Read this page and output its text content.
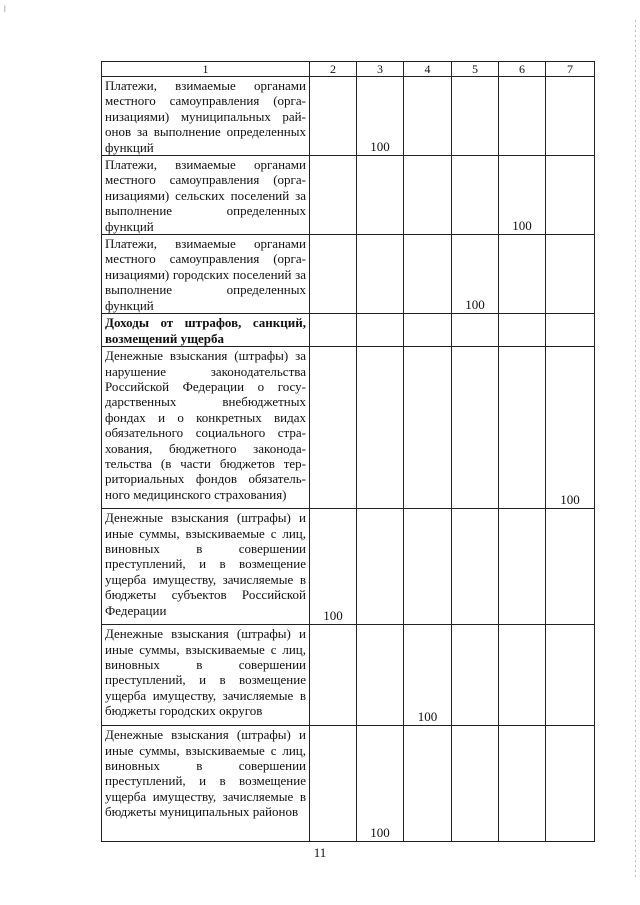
ǀ
1	2	3	4	5	6	7
Платежи, взимаемые органами местного самоуправления (организациями) муниципальных районов за выполнение определенных функций		100				
Платежи, взимаемые органами местного самоуправления (организациями) сельских поселений за выполнение определенных функций					100	
Платежи, взимаемые органами местного самоуправления (организациями) городских поселений за выполнение определенных функций				100		
Доходы от штрафов, санкций, возмещений ущерба						
Денежные взыскания (штрафы) за нарушение законодательства Российской Федерации о государственных внебюджетных фондах и о конкретных видах обязательного социального страхования, бюджетного законодательства (в части бюджетов территориальных фондов обязательного медицинского страхования)						100
Денежные взыскания (штрафы) и иные суммы, взыскиваемые с лиц, виновных в совершении преступлений, и в возмещение ущерба имуществу, зачисляемые в бюджеты субъектов Российской Федерации	100					
Денежные взыскания (штрафы) и иные суммы, взыскиваемые с лиц, виновных в совершении преступлений, и в возмещение ущерба имуществу, зачисляемые в бюджеты городских округов			100			
Денежные взыскания (штрафы) и иные суммы, взыскиваемые с лиц, виновных в совершении преступлений, и в возмещение ущерба имуществу, зачисляемые в бюджеты муниципальных районов		100				
11
